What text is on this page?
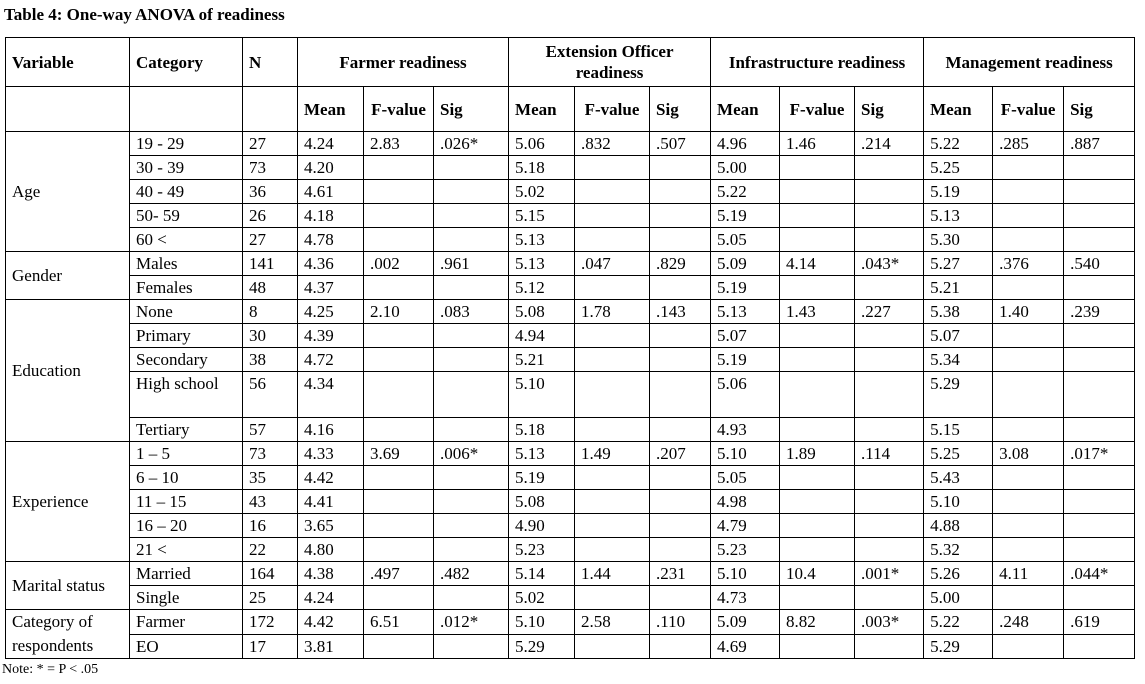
Table 4: One-way ANOVA of readiness
Variable	Category	N	Farmer readiness			Extension Officer readiness			Infrastructure readiness			Management readiness		
			Mean	F-value	Sig	Mean	F-value	Sig	Mean	F-value	Sig	Mean	F-value	Sig
Age	19 - 29	27	4.24	2.83	.026*	5.06	.832	.507	4.96	1.46	.214	5.22	.285	.887
	30 - 39	73	4.20			5.18			5.00			5.25		
	40 - 49	36	4.61			5.02			5.22			5.19		
	50- 59	26	4.18			5.15			5.19			5.13		
	60 <	27	4.78			5.13			5.05			5.30		
Gender	Males	141	4.36	.002	.961	5.13	.047	.829	5.09	4.14	.043*	5.27	.376	.540
	Females	48	4.37			5.12			5.19			5.21		
Education	None	8	4.25	2.10	.083	5.08	1.78	.143	5.13	1.43	.227	5.38	1.40	.239
	Primary	30	4.39			4.94			5.07			5.07		
	Secondary	38	4.72			5.21			5.19			5.34		
	High school	56	4.34			5.10			5.06			5.29		
	Tertiary	57	4.16			5.18			4.93			5.15		
Experience	1 – 5	73	4.33	3.69	.006*	5.13	1.49	.207	5.10	1.89	.114	5.25	3.08	.017*
	6 – 10	35	4.42			5.19			5.05			5.43		
	11 – 15	43	4.41			5.08			4.98			5.10		
	16 – 20	16	3.65			4.90			4.79			4.88		
	21 <	22	4.80			5.23			5.23			5.32		
Marital status	Married	164	4.38	.497	.482	5.14	1.44	.231	5.10	10.4	.001*	5.26	4.11	.044*
	Single	25	4.24			5.02			4.73			5.00		
Category of respondents	Farmer	172	4.42	6.51	.012*	5.10	2.58	.110	5.09	8.82	.003*	5.22	.248	.619
	EO	17	3.81			5.29			4.69			5.29		
Note: * = P < .05
